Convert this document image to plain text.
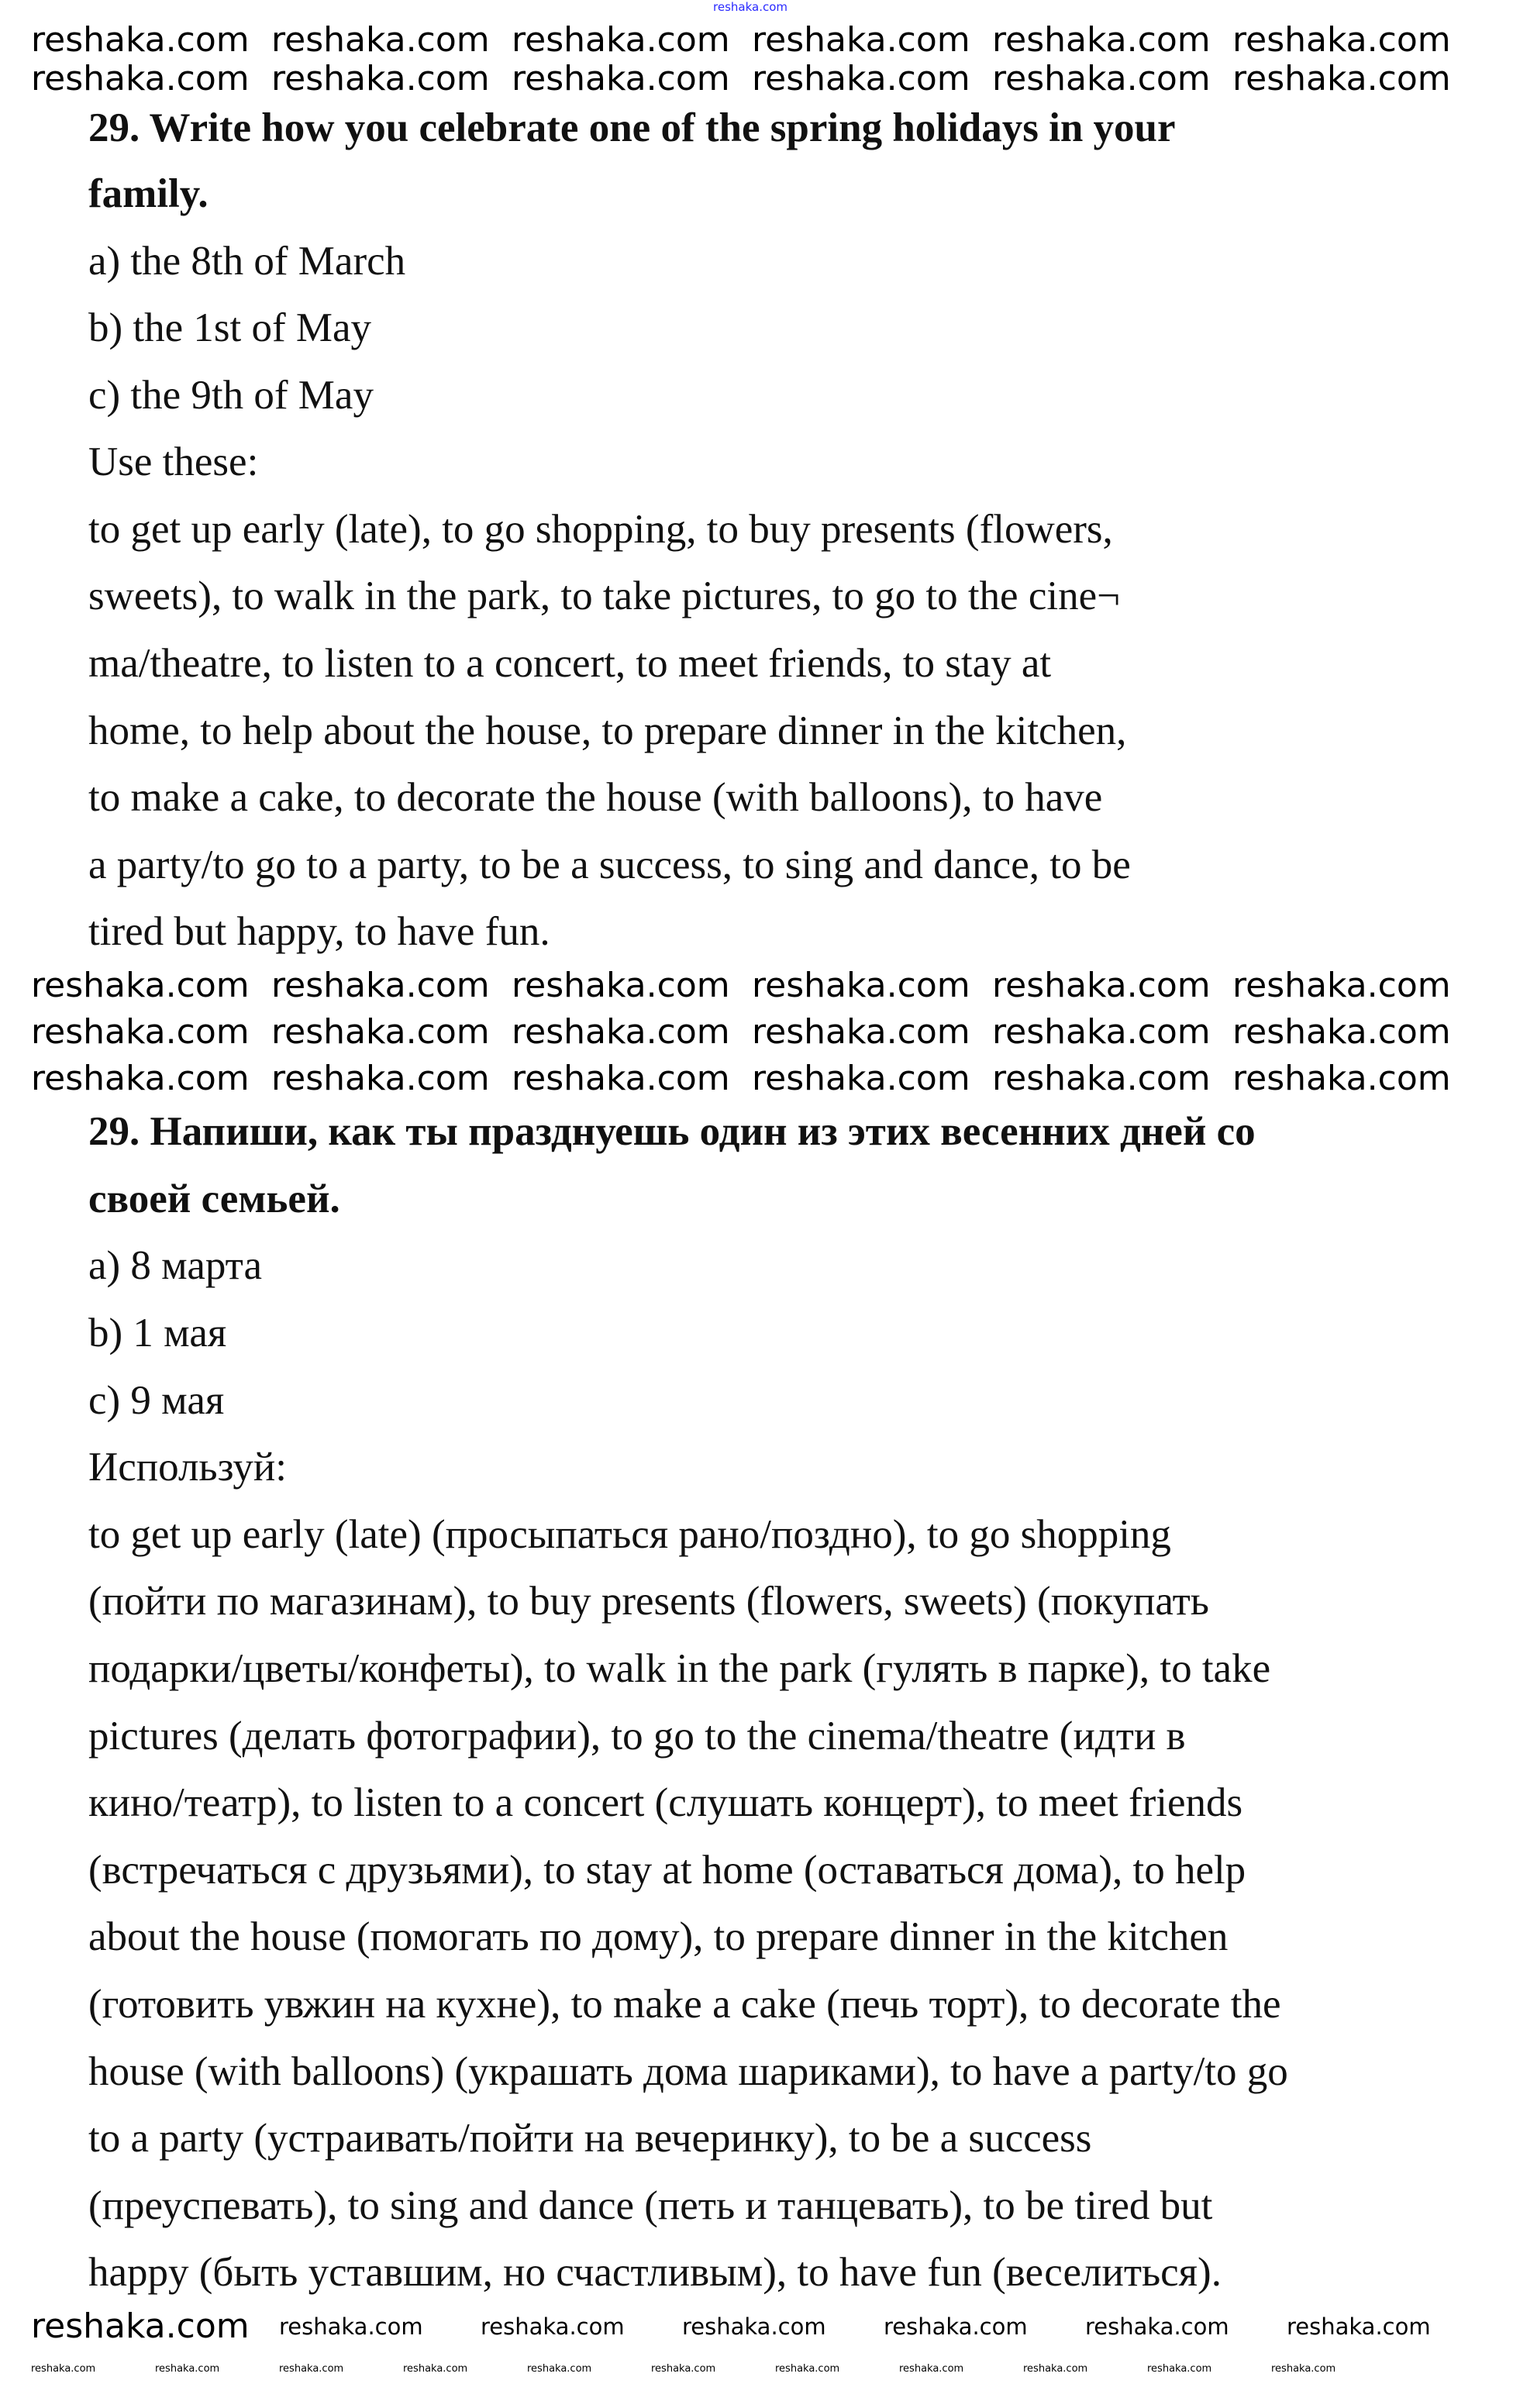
reshaka.com
29. Write how you celebrate one of the spring holidays in your
family.
a) the 8th of March
b) the 1st of May
c) the 9th of May
Use these:
to get up early (late), to go shopping, to buy presents (flowers,
sweets), to walk in the park, to take pictures, to go to the cine¬
ma/theatre, to listen to a concert, to meet friends, to stay at
home, to help about the house, to prepare dinner in the kitchen,
to make a cake, to decorate the house (with balloons), to have
a party/to go to a party, to be a success, to sing and dance, to be
tired but happy, to have fun.
29. Напиши, как ты празднуешь один из этих весенних дней со
своей семьей.
a) 8 марта
b) 1 мая
c) 9 мая
Используй:
to get up early (late) (просыпаться рано/поздно), to go shopping
(пойти по магазинам), to buy presents (flowers, sweets) (покупать
подарки/цветы/конфеты), to walk in the park (гулять в парке), to take
pictures (делать фотографии), to go to the cinema/theatre (идти в
кино/театр), to listen to a concert (слушать концерт), to meet friends
(встречаться с друзьями), to stay at home (оставаться дома), to help
about the house (помогать по дому), to prepare dinner in the kitchen
(готовить увжин на кухне), to make a cake (печь торт), to decorate the
house (with balloons) (украшать дома шариками), to have a party/to go
to a party (устраивать/пойти на вечеринку), to be a success
(преуспевать), to sing and dance (петь и танцевать), to be tired but
happy (быть уставшим, но счастливым), to have fun (веселиться).
reshaka.com reshaka.com reshaka.com reshaka.com reshaka.com reshaka.com
reshaka.com reshaka.com reshaka.com reshaka.com reshaka.com reshaka.com
reshaka.com reshaka.com reshaka.com reshaka.com reshaka.com reshaka.com
reshaka.com reshaka.com reshaka.com reshaka.com reshaka.com reshaka.com
reshaka.com reshaka.com reshaka.com reshaka.com reshaka.com reshaka.com
reshaka.com reshaka.com	reshaka.com	reshaka.com	reshaka.com	reshaka.com	reshaka.com
reshaka.com	reshaka.com	reshaka.com	reshaka.com	reshaka.com	reshaka.com	reshaka.com	reshaka.com	reshaka.com	reshaka.com	reshaka.com
